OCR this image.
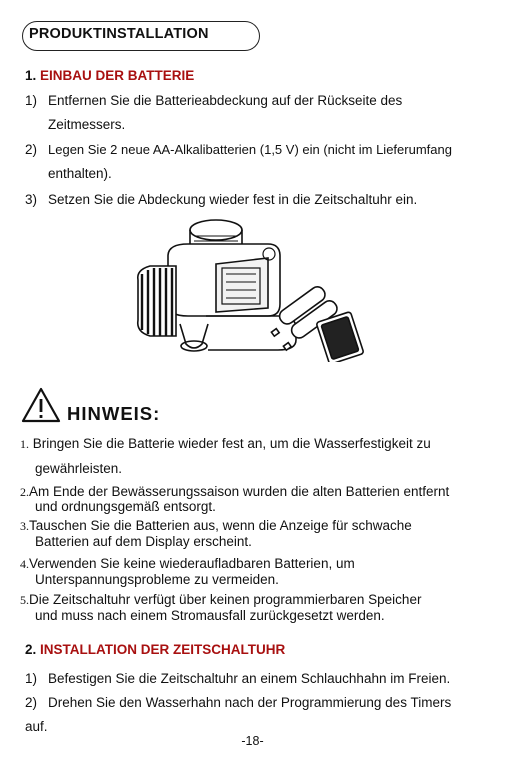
PRODUKTINSTALLATION
1. EINBAU DER BATTERIE
1) Entfernen Sie die Batterieabdeckung auf der Rückseite des
Zeitmessers.
2) Legen Sie 2 neue AA-Alkalibatterien (1,5 V) ein (nicht im Lieferumfang
enthalten).
3) Setzen Sie die Abdeckung wieder fest in die Zeitschaltuhr ein.
HINWEIS:
1. Bringen Sie die Batterie wieder fest an, um die Wasserfestigkeit zu
gewährleisten.
2.Am Ende der Bewässerungssaison wurden die alten Batterien entfernt
und ordnungsgemäß entsorgt.
3.Tauschen Sie die Batterien aus, wenn die Anzeige für schwache
Batterien auf dem Display erscheint.
4.Verwenden Sie keine wiederaufladbaren Batterien, um
Unterspannungsprobleme zu vermeiden.
5.Die Zeitschaltuhr verfügt über keinen programmierbaren Speicher
und muss nach einem Stromausfall zurückgesetzt werden.
2. INSTALLATION DER ZEITSCHALTUHR
1) Befestigen Sie die Zeitschaltuhr an einem Schlauchhahn im Freien.
2) Drehen Sie den Wasserhahn nach der Programmierung des Timers
auf.
-18-
